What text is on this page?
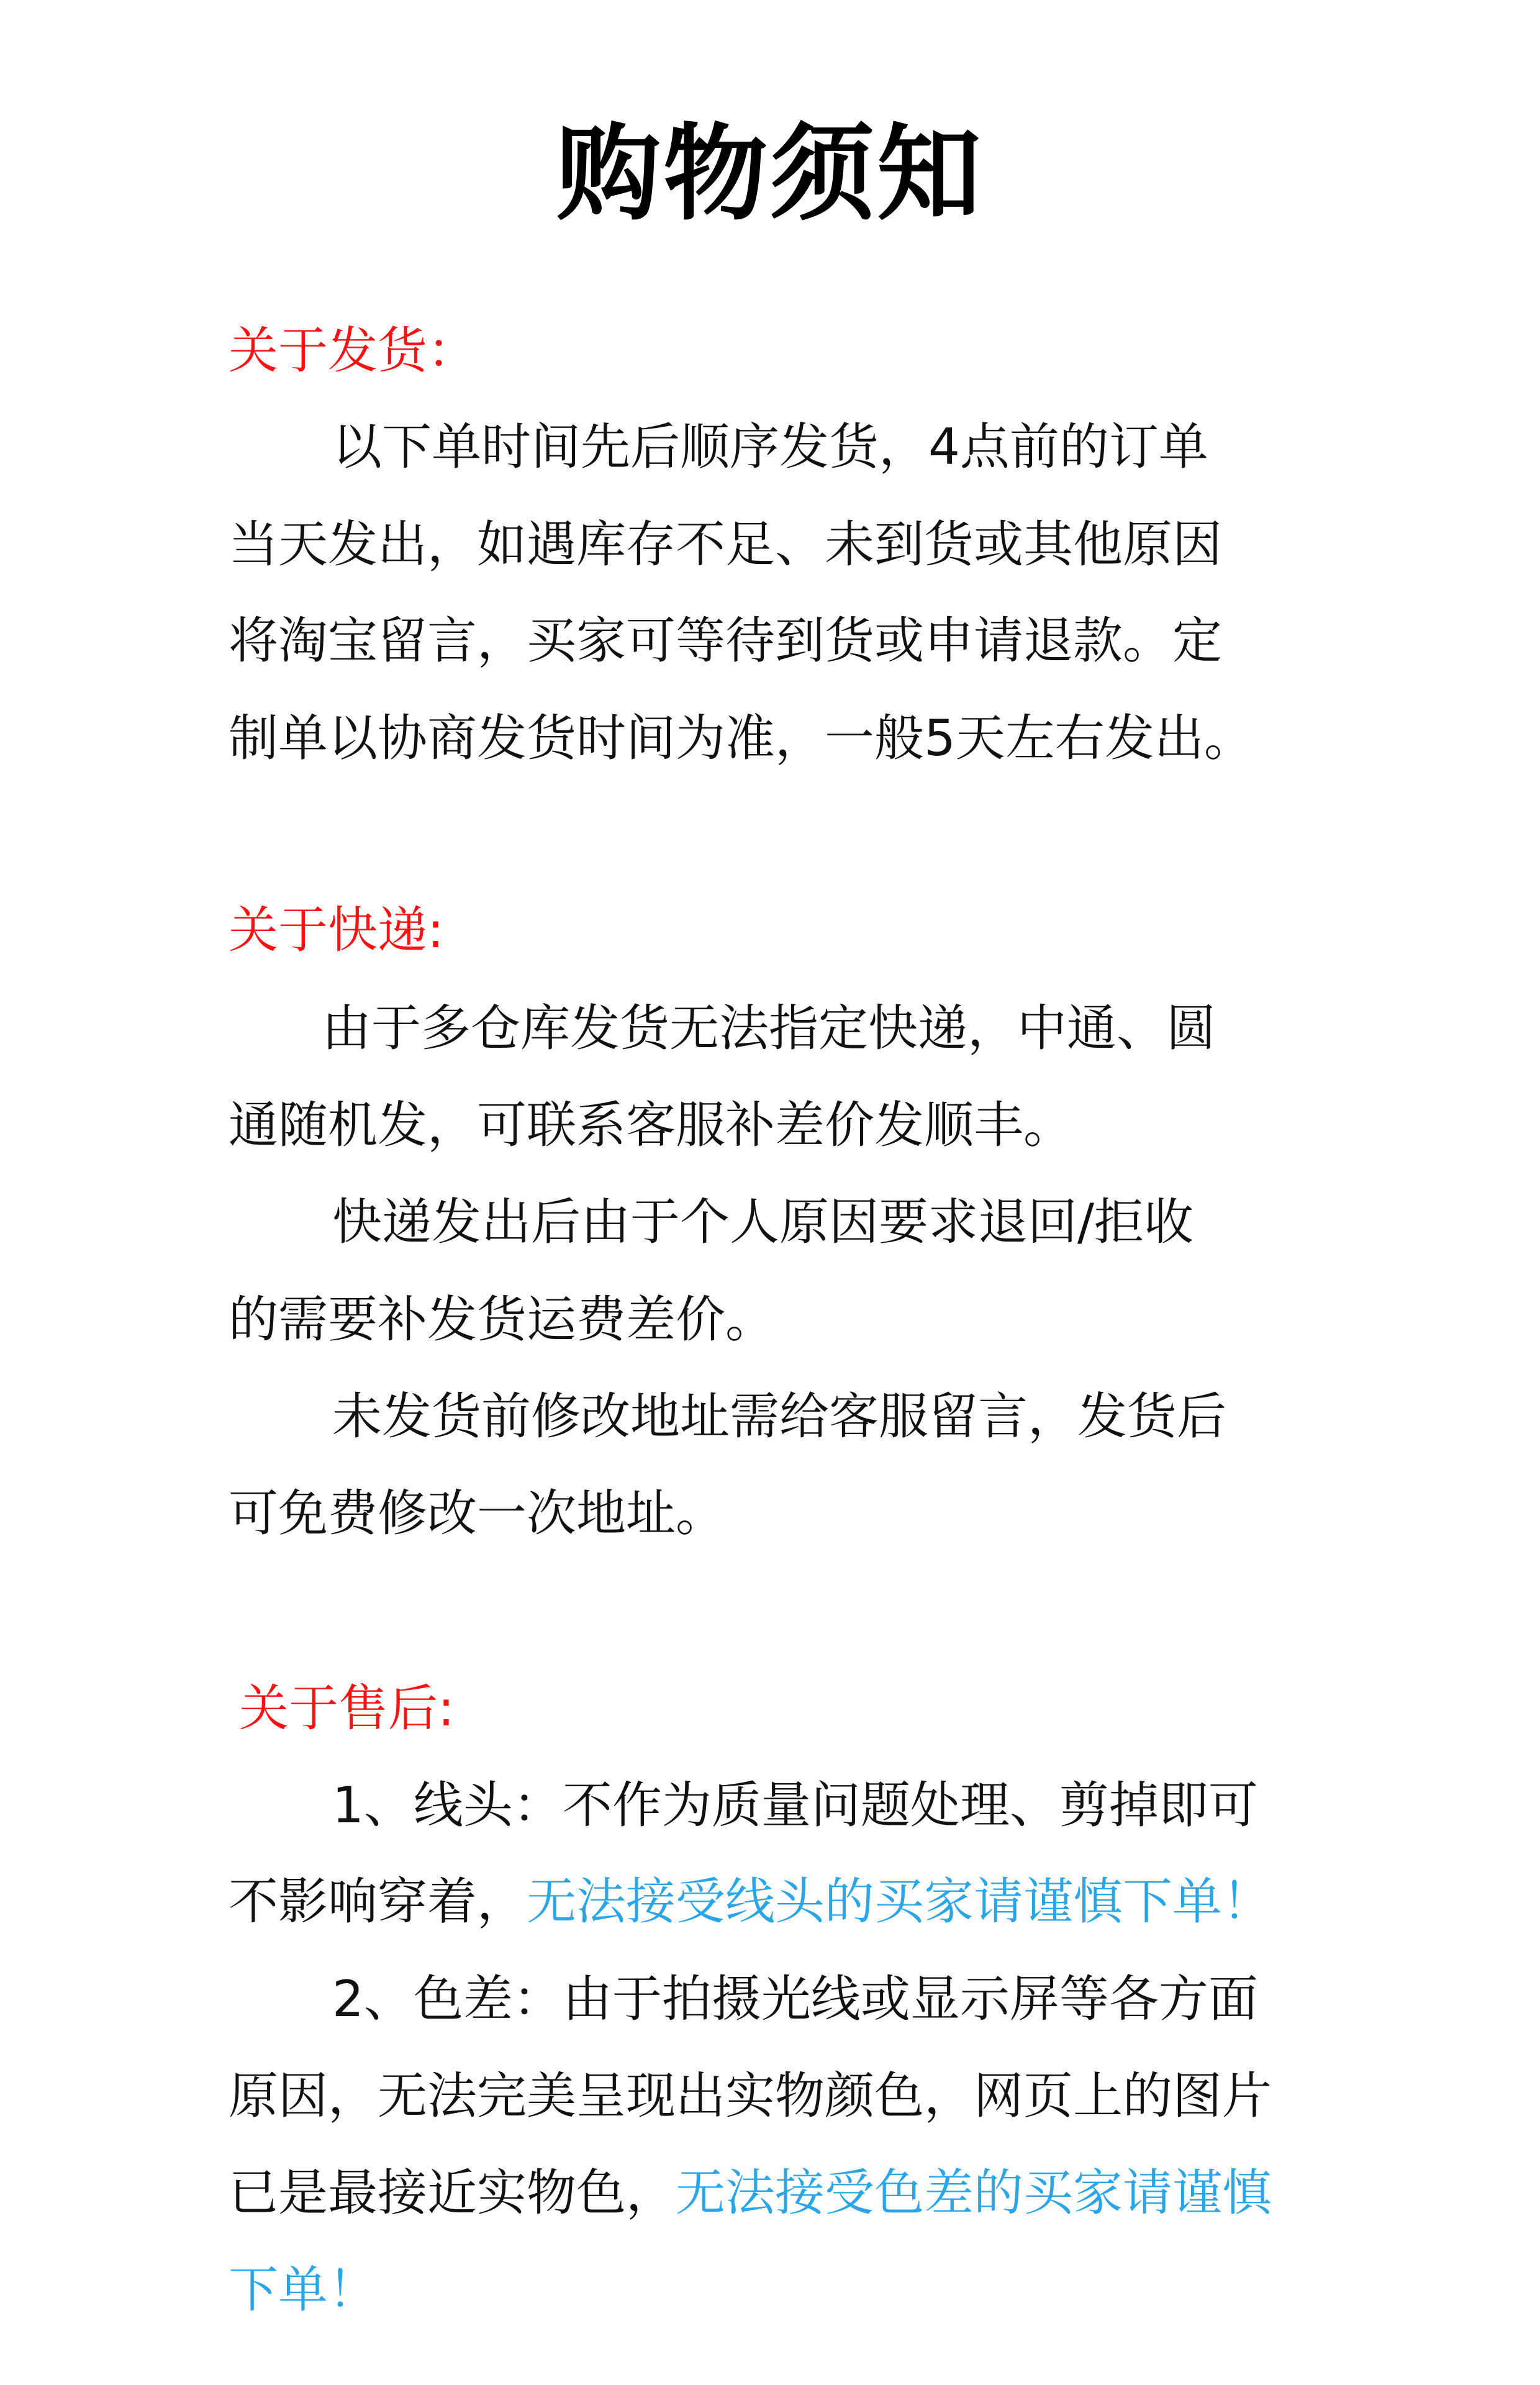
购物须知
关于发货：
以下单时间先后顺序发货，4点前的订单
当天发出，如遇库存不足、未到货或其他原因
将淘宝留言，买家可等待到货或申请退款。定
制单以协商发货时间为准，一般5天左右发出。
关于快递:
由于多仓库发货无法指定快递，中通、圆
通随机发，可联系客服补差价发顺丰。
快递发出后由于个人原因要求退回/拒收
的需要补发货运费差价。
未发货前修改地址需给客服留言，发货后
可免费修改一次地址。
关于售后:
1、线头：不作为质量问题处理、剪掉即可
不影响穿着，无法接受线头的买家请谨慎下单！
2、色差：由于拍摄光线或显示屏等各方面
原因，无法完美呈现出实物颜色，网页上的图片
已是最接近实物色，无法接受色差的买家请谨慎
下单！
